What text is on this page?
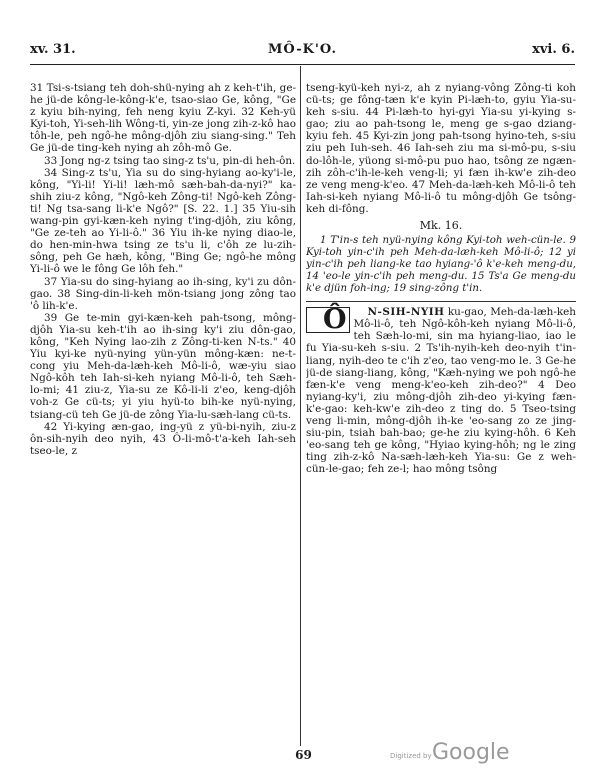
xv. 31.	MÔ-K'O.	xvi. 6.

31 Tsi-s-tsiang teh doh-shü-nying ah z keh-t'ih, ge-he jü-de kông-le-kông-k'e, tsao-siao Ge, kông, "Ge z kyiu bih-nying, feh neng kyiu Z-kyi. 32 Keh-yü Kyi-toh, Yi-seh-lih Wông-ti, yin-ze jong zih-z-kô hao tôh-le, peh ngô-he mông-djôh ziu siang-sing." Teh Ge jü-de ting-keh nying ah zôh-mô Ge.

33 Jong ng-z tsing tao sing-z ts'u, pin-di heh-ôn.

34 Sing-z ts'u, Yia su do sing-hyiang ao-ky'i-le, kông, "Yi-li! Yi-li! læh-mô sæh-bah-da-nyi?" ka-shih ziu-z kông, "Ngô-keh Zông-ti! Ngô-keh Zông-ti! Ng tsa-sang li-k'e Ngô?" [S. 22. 1.] 35 Yiu-sih wang-pin gyi-kæn-keh nying t'ing-djôh, ziu kông, "Ge ze-teh ao Yi-li-ô." 36 Yiu ih-ke nying diao-le, do hen-min-hwa tsing ze ts'u li, c'ôh ze lu-zih-sông, peh Ge hæh, kông, "Bing Ge; ngô-he mông Yi-li-ô we le fông Ge lôh feh."

37 Yia-su do sing-hyiang ao ih-sing, ky'i zu dôn-gao. 38 Sing-din-li-keh mön-tsiang jong zông tao 'ô lih-k'e.

39 Ge te-min gyi-kæn-keh pah-tsong, mông-djôh Yia-su keh-t'ih ao ih-sing ky'i ziu dôn-gao, kông, "Keh Nying lao-zih z Zông-ti-ken N-ts." 40 Yiu kyi-ke nyü-nying yün-yün mông-kæn: ne-t-cong yiu Meh-da-læh-keh Mô-li-ô, wæ-yiu siao Ngô-kôh teh Iah-si-keh nyiang Mô-li-ô, teh Sæh-lo-mi; 41 ziu-z, Yia-su ze Kô-li-li z'eo, keng-djôh voh-z Ge cü-ts; yi yiu hyü-to bih-ke nyü-nying, tsiang-cü teh Ge jü-de zông Yia-lu-sæh-lang cü-ts.

42 Yi-kying æn-gao, ing-yü z yü-bi-nyih, ziu-z ôn-sih-nyih deo nyih, 43 Ô-li-mô-t'a-keh Iah-seh tseo-le, z

tseng-kyü-keh nyi-z, ah z nyiang-vông Zông-ti koh cü-ts; ge fông-tæn k'e kyin Pi-læh-to, gyiu Yia-su-keh s-siu. 44 Pi-læh-to hyi-gyi Yia-su yi-kying s-gao; ziu ao pah-tsong le, meng ge s-gao dziang-kyiu feh. 45 Kyi-zin jong pah-tsong hyino-teh, s-siu ziu peh Iuh-seh. 46 Iah-seh ziu ma si-mô-pu, s-siu do-lôh-le, yüong si-mô-pu puo hao, tsông ze ngæn-zih zôh-c'ih-le-keh veng-li; yi fæn ih-kw'e zih-deo ze veng meng-k'eo. 47 Meh-da-læh-keh Mô-li-ô teh Iah-si-keh nyiang Mô-li-ô tu mông-djôh Ge tsông-keh di-fông.

Mk. 16.

1 T'in-s teh nyü-nying kông Kyi-toh weh-cün-le. 9 Kyi-toh yin-c'ih peh Meh-da-læh-keh Mô-li-ô; 12 yi yin-c'ih peh liang-ke tao hyiang-'ô k'e-keh meng-du, 14 'eo-le yin-c'ih peh meng-du. 15 Ts'a Ge meng-du k'e djün foh-ing; 19 sing-zông t'in.

Ô N-SIH-NYIH ku-gao, Meh-da-læh-keh Mô-li-ô, teh Ngô-kôh-keh nyiang Mô-li-ô, teh Sæh-lo-mi, sin ma hyiang-liao, iao le fu Yia-su-keh s-siu. 2 Ts'ih-nyih-keh deo-nyih t'in-liang, nyih-deo te c'ih z'eo, tao veng-mo le. 3 Ge-he jü-de siang-liang, kông, "Kæh-nying we poh ngô-he fæn-k'e veng meng-k'eo-keh zih-deo?" 4 Deo nyiang-ky'i, ziu mông-djôh zih-deo yi-kying fæn-k'e-gao: keh-kw'e zih-deo z ting do. 5 Tseo-tsing veng li-min, mông-djôh ih-ke 'eo-sang zo ze jing-siu-pin, tsiah bah-bao; ge-he ziu kying-hôh. 6 Keh 'eo-sang teh ge kông, "Hyiao kying-hôh; ng le zing ting zih-z-kô Na-sæh-læh-keh Yia-su: Ge z weh-cün-le-gao; feh ze-l; hao mông tsông

69	Digitized by Google
